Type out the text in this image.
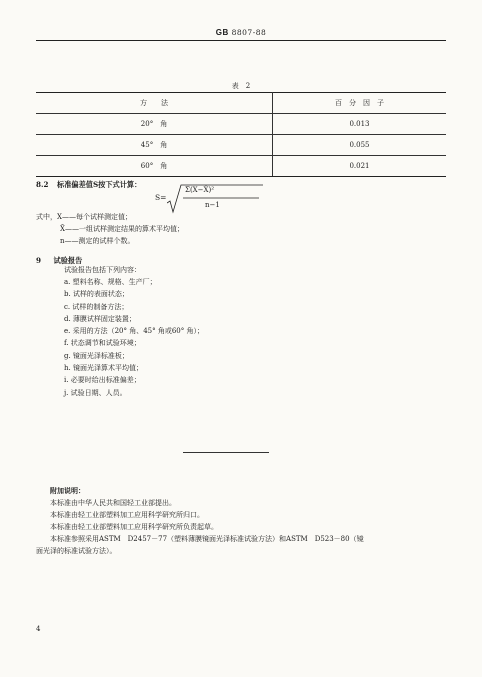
GB 8807-88
表　2
方　　法	百　分　因　子
20°　角	0.013
45°　角	0.055
60°　角	0.021
8.2 标准偏差值S按下式计算：
S=
Σ(X−X̄)²
n−1
式中，X——每个试样测定值；
X̄——一组试样测定结果的算术平均值；
n——测定的试样个数。
9 试验报告
试验报告包括下列内容：
a. 塑料名称、规格、生产厂；
b. 试样的表面状态；
c. 试样的制备方法；
d. 薄膜试样固定装置；
e. 采用的方法（20° 角、45° 角或60° 角）；
f. 状态调节和试验环境；
g. 镜面光泽标准板；
h. 镜面光泽算术平均值；
i. 必要时给出标准偏差；
j. 试验日期、人员。
附加说明：
本标准由中华人民共和国轻工业部提出。
本标准由轻工业部塑料加工应用科学研究所归口。
本标准由轻工业部塑料加工应用科学研究所负责起草。
本标准参照采用ASTM　D2457－77（塑料薄膜镜面光泽标准试验方法）和ASTM　D523－80（镜
面光泽的标准试验方法）。
4
